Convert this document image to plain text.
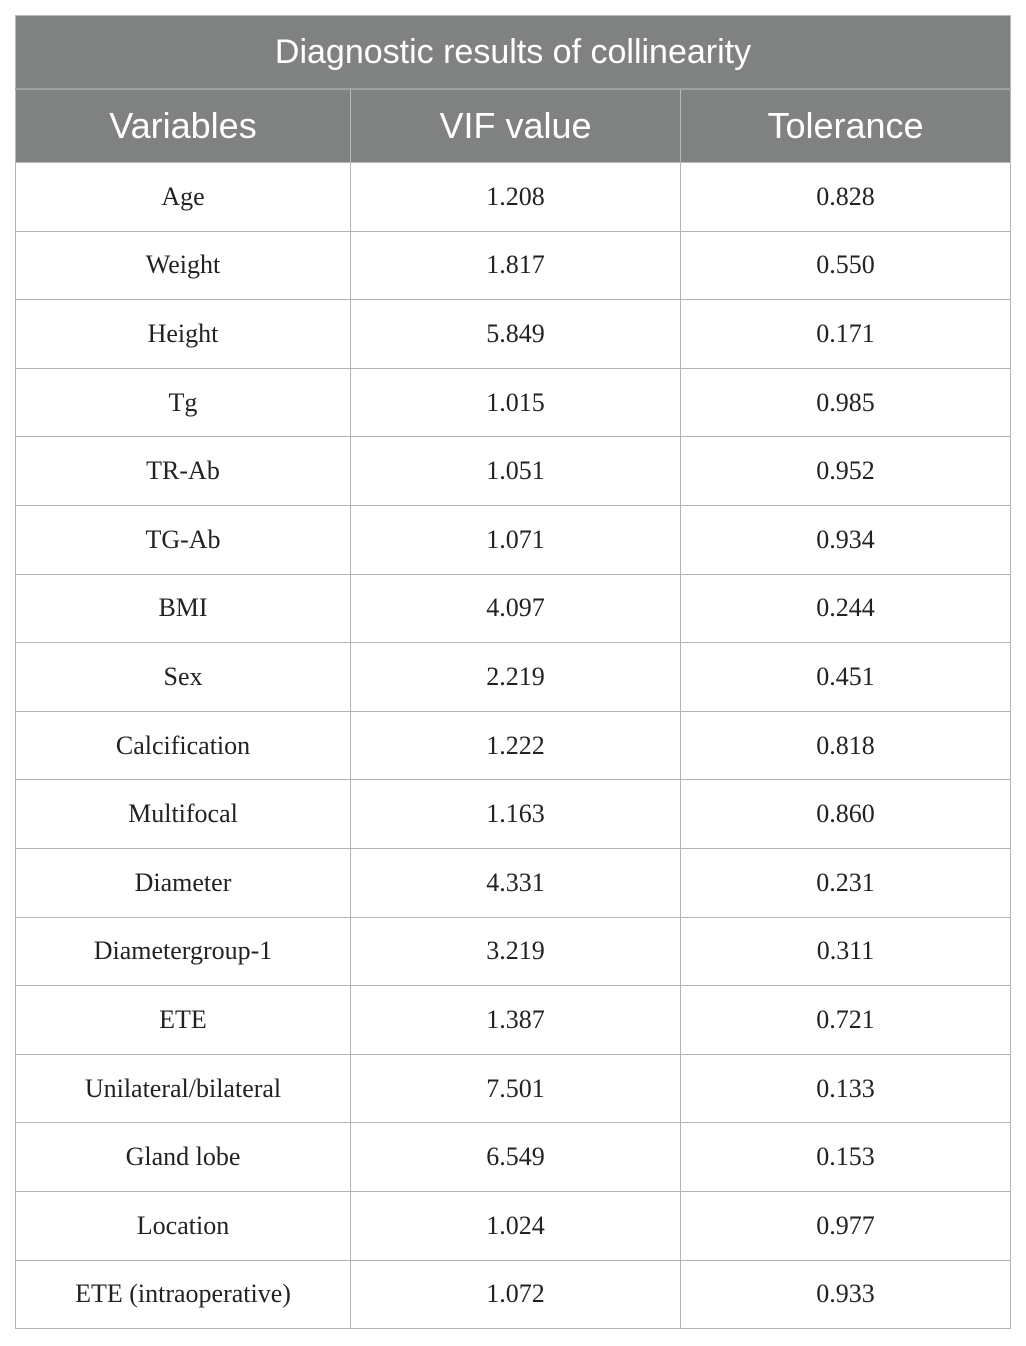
Diagnostic results of collinearity		
Variables	VIF value	Tolerance
Age	1.208	0.828
Weight	1.817	0.550
Height	5.849	0.171
Tg	1.015	0.985
TR-Ab	1.051	0.952
TG-Ab	1.071	0.934
BMI	4.097	0.244
Sex	2.219	0.451
Calcification	1.222	0.818
Multifocal	1.163	0.860
Diameter	4.331	0.231
Diametergroup-1	3.219	0.311
ETE	1.387	0.721
Unilateral/bilateral	7.501	0.133
Gland lobe	6.549	0.153
Location	1.024	0.977
ETE (intraoperative)	1.072	0.933
